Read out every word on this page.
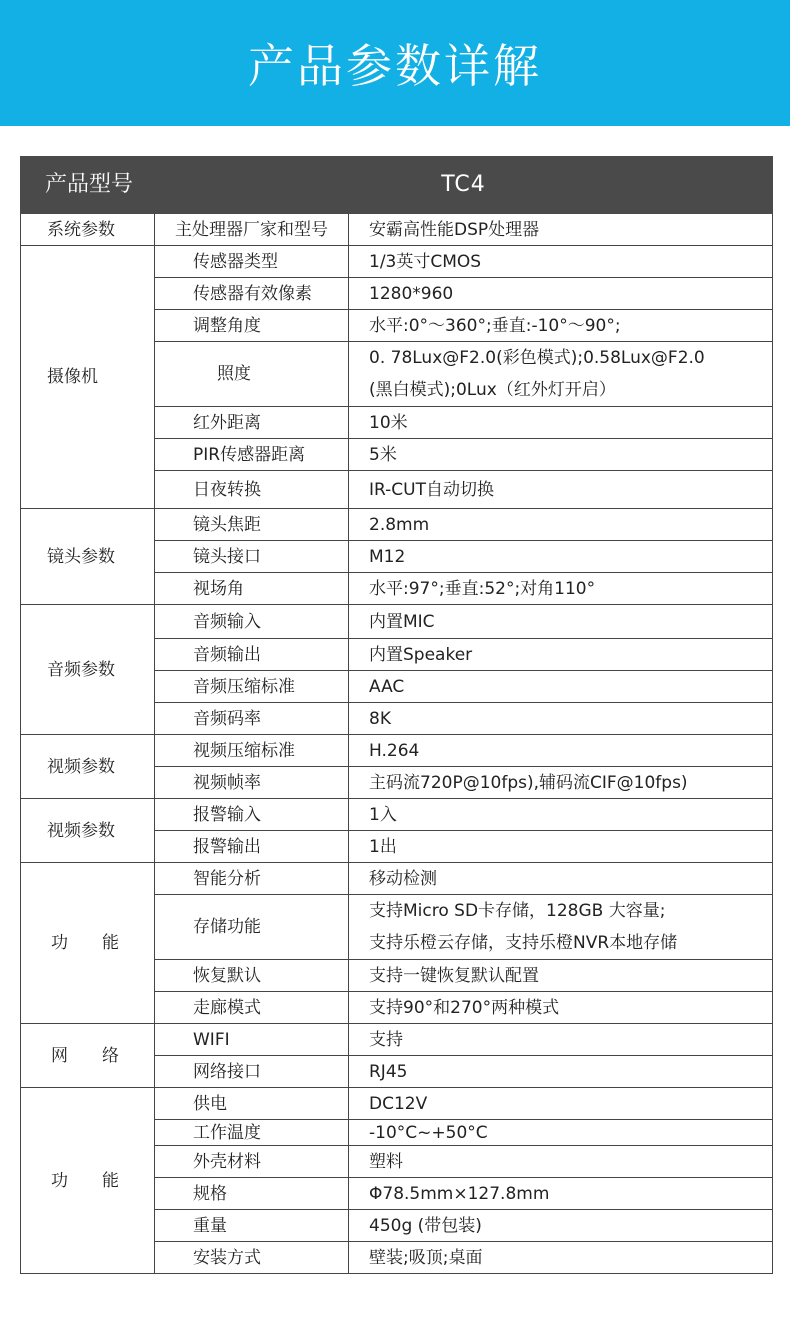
产品参数详解
产品型号	TC4	
系统参数	主处理器厂家和型号	安霸高性能DSP处理器

摄像机	传感器类型	1/3英寸CMOS

	传感器有效像素	1280*960

	调整角度	水平:0°～360°;垂直:-10°～90°;

	照度	0. 78Lux@F2.0(彩色模式);0.58Lux@F2.0
(黑白模式);0Lux（红外灯开启）

	红外距离	10米

	PIR传感器距离	5米

	日夜转换	IR-CUT自动切换

镜头参数	镜头焦距	2.8mm

	镜头接口	M12

	视场角	水平:97°;垂直:52°;对角110°

音频参数	音频输入	内置MIC

	音频输出	内置Speaker

	音频压缩标准	AAC

	音频码率	8K

视频参数	视频压缩标准	H.264

	视频帧率	主码流720P@10fps),辅码流CIF@10fps)

视频参数	报警输入	1入

	报警输出	1出

功能	智能分析	移动检测

	存储功能	支持Micro SD卡存储，128GB 大容量;
支持乐橙云存储，支持乐橙NVR本地存储

	恢复默认	支持一键恢复默认配置

	走廊模式	支持90°和270°两种模式

网络	WIFI	支持

	网络接口	RJ45

功能	供电	DC12V

	工作温度	-10°C~+50°C

	外壳材料	塑料

	规格	Φ78.5mm×127.8mm

	重量	450g (带包装)

	安装方式	壁装;吸顶;桌面
